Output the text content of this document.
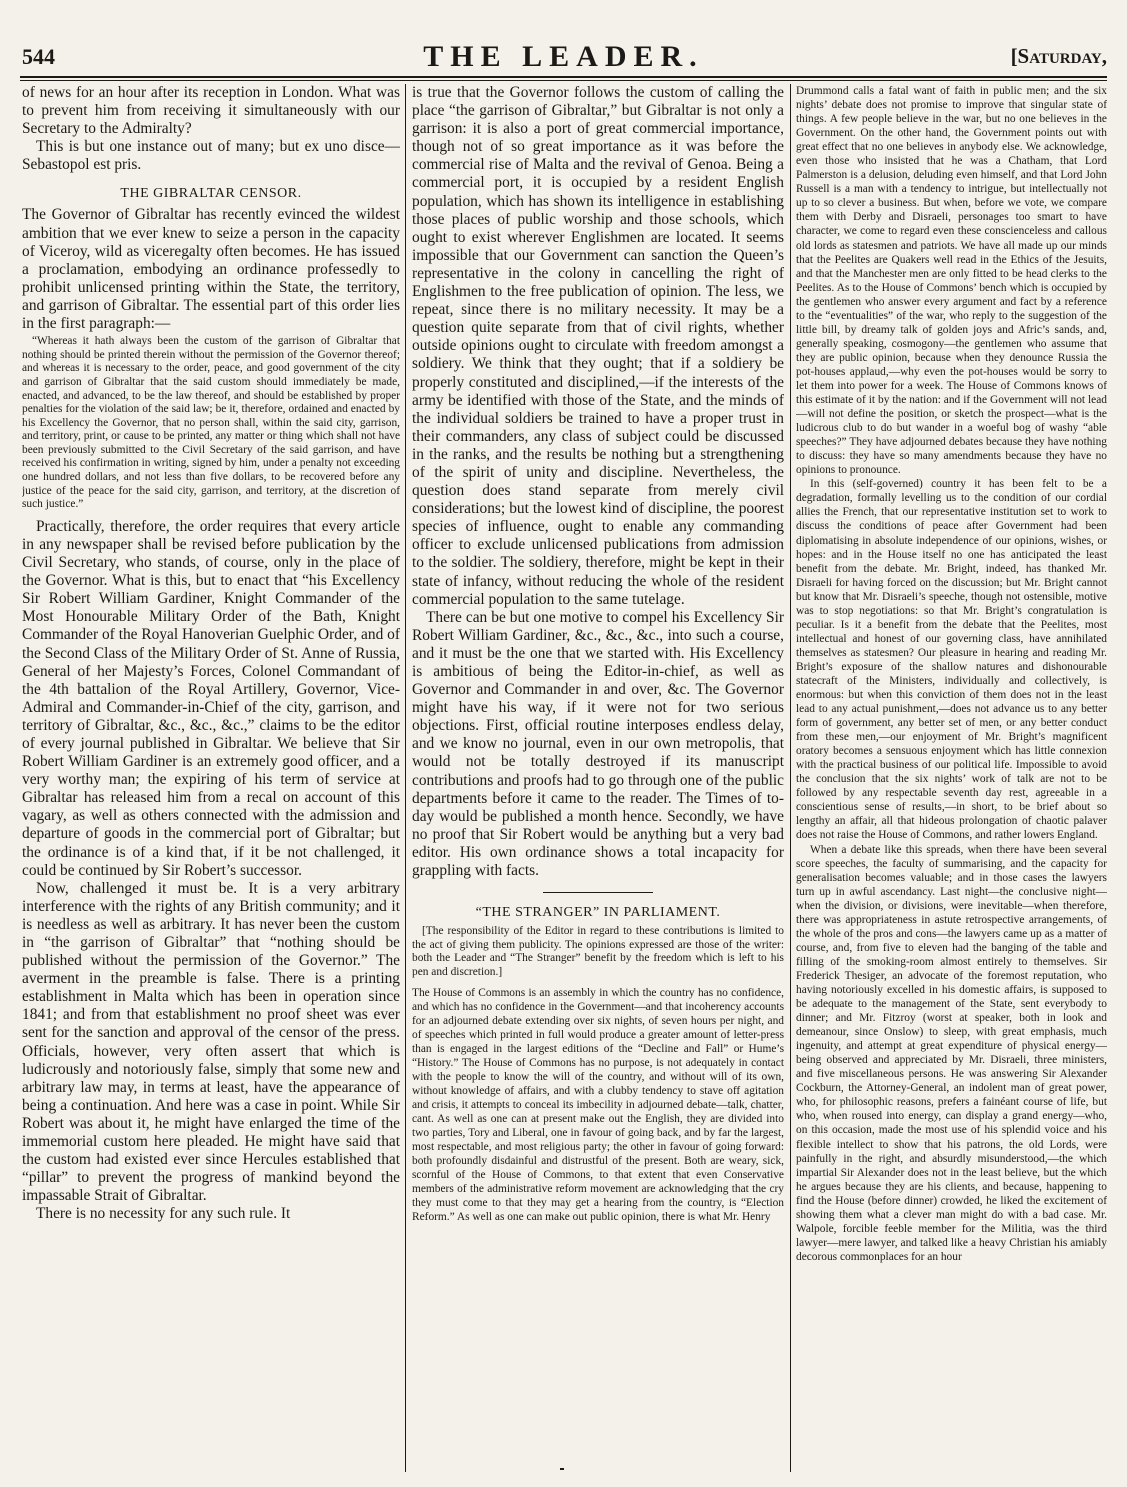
544	THE LEADER.	[Saturday,

of news for an hour after its reception in London. What was to prevent him from receiving it simultaneously with our Secretary to the Admiralty?

This is but one instance out of many; but ex uno disce—Sebastopol est pris.

THE GIBRALTAR CENSOR.

The Governor of Gibraltar has recently evinced the wildest ambition that we ever knew to seize a person in the capacity of Viceroy, wild as viceregalty often becomes. He has issued a proclamation, embodying an ordinance professedly to prohibit unlicensed printing within the State, the territory, and garrison of Gibraltar. The essential part of this order lies in the first paragraph:—

“Whereas it hath always been the custom of the garrison of Gibraltar that nothing should be printed therein without the permission of the Governor thereof; and whereas it is necessary to the order, peace, and good government of the city and garrison of Gibraltar that the said custom should immediately be made, enacted, and advanced, to be the law thereof, and should be established by proper penalties for the violation of the said law; be it, therefore, ordained and enacted by his Excellency the Governor, that no person shall, within the said city, garrison, and territory, print, or cause to be printed, any matter or thing which shall not have been previously submitted to the Civil Secretary of the said garrison, and have received his confirmation in writing, signed by him, under a penalty not exceeding one hundred dollars, and not less than five dollars, to be recovered before any justice of the peace for the said city, garrison, and territory, at the discretion of such justice.”

Practically, therefore, the order requires that every article in any newspaper shall be revised before publication by the Civil Secretary, who stands, of course, only in the place of the Governor. What is this, but to enact that “his Excellency Sir Robert William Gardiner, Knight Commander of the Most Honourable Military Order of the Bath, Knight Commander of the Royal Hanoverian Guelphic Order, and of the Second Class of the Military Order of St. Anne of Russia, General of her Majesty’s Forces, Colonel Commandant of the 4th battalion of the Royal Artillery, Governor, Vice-Admiral and Commander-in-Chief of the city, garrison, and territory of Gibraltar, &c., &c., &c.,” claims to be the editor of every journal published in Gibraltar. We believe that Sir Robert William Gardiner is an extremely good officer, and a very worthy man; the expiring of his term of service at Gibraltar has released him from a recal on account of this vagary, as well as others connected with the admission and departure of goods in the commercial port of Gibraltar; but the ordinance is of a kind that, if it be not challenged, it could be continued by Sir Robert’s successor.

Now, challenged it must be. It is a very arbitrary interference with the rights of any British community; and it is needless as well as arbitrary. It has never been the custom in “the garrison of Gibraltar” that “nothing should be published without the permission of the Governor.” The averment in the preamble is false. There is a printing establishment in Malta which has been in operation since 1841; and from that establishment no proof sheet was ever sent for the sanction and approval of the censor of the press. Officials, however, very often assert that which is ludicrously and notoriously false, simply that some new and arbitrary law may, in terms at least, have the appearance of being a continuation. And here was a case in point. While Sir Robert was about it, he might have enlarged the time of the immemorial custom here pleaded. He might have said that the custom had existed ever since Hercules established that “pillar” to prevent the progress of mankind beyond the impassable Strait of Gibraltar.

There is no necessity for any such rule. It

is true that the Governor follows the custom of calling the place “the garrison of Gibraltar,” but Gibraltar is not only a garrison: it is also a port of great commercial importance, though not of so great importance as it was before the commercial rise of Malta and the revival of Genoa. Being a commercial port, it is occupied by a resident English population, which has shown its intelligence in establishing those places of public worship and those schools, which ought to exist wherever Englishmen are located. It seems impossible that our Government can sanction the Queen’s representative in the colony in cancelling the right of Englishmen to the free publication of opinion. The less, we repeat, since there is no military necessity. It may be a question quite separate from that of civil rights, whether outside opinions ought to circulate with freedom amongst a soldiery. We think that they ought; that if a soldiery be properly constituted and disciplined,—if the interests of the army be identified with those of the State, and the minds of the individual soldiers be trained to have a proper trust in their commanders, any class of subject could be discussed in the ranks, and the results be nothing but a strengthening of the spirit of unity and discipline. Nevertheless, the question does stand separate from merely civil considerations; but the lowest kind of discipline, the poorest species of influence, ought to enable any commanding officer to exclude unlicensed publications from admission to the soldier. The soldiery, therefore, might be kept in their state of infancy, without reducing the whole of the resident commercial population to the same tutelage.

There can be but one motive to compel his Excellency Sir Robert William Gardiner, &c., &c., &c., into such a course, and it must be the one that we started with. His Excellency is ambitious of being the Editor-in-chief, as well as Governor and Commander in and over, &c. The Governor might have his way, if it were not for two serious objections. First, official routine interposes endless delay, and we know no journal, even in our own metropolis, that would not be totally destroyed if its manuscript contributions and proofs had to go through one of the public departments before it came to the reader. The Times of to-day would be published a month hence. Secondly, we have no proof that Sir Robert would be anything but a very bad editor. His own ordinance shows a total incapacity for grappling with facts.

“THE STRANGER” IN PARLIAMENT.

[The responsibility of the Editor in regard to these contributions is limited to the act of giving them publicity. The opinions expressed are those of the writer: both the Leader and “The Stranger” benefit by the freedom which is left to his pen and discretion.]

The House of Commons is an assembly in which the country has no confidence, and which has no confidence in the Government—and that incoherency accounts for an adjourned debate extending over six nights, of seven hours per night, and of speeches which printed in full would produce a greater amount of letter-press than is engaged in the largest editions of the “Decline and Fall” or Hume’s “History.” The House of Commons has no purpose, is not adequately in contact with the people to know the will of the country, and without will of its own, without knowledge of affairs, and with a clubby tendency to stave off agitation and crisis, it attempts to conceal its imbecility in adjourned debate—talk, chatter, cant. As well as one can at present make out the English, they are divided into two parties, Tory and Liberal, one in favour of going back, and by far the largest, most respectable, and most religious party; the other in favour of going forward: both profoundly disdainful and distrustful of the present. Both are weary, sick, scornful of the House of Commons, to that extent that even Conservative members of the administrative reform movement are acknowledging that the cry they must come to that they may get a hearing from the country, is “Election Reform.” As well as one can make out public opinion, there is what Mr. Henry

Drummond calls a fatal want of faith in public men; and the six nights’ debate does not promise to improve that singular state of things. A few people believe in the war, but no one believes in the Government. On the other hand, the Government points out with great effect that no one believes in anybody else. We acknowledge, even those who insisted that he was a Chatham, that Lord Palmerston is a delusion, deluding even himself, and that Lord John Russell is a man with a tendency to intrigue, but intellectually not up to so clever a business. But when, before we vote, we compare them with Derby and Disraeli, personages too smart to have character, we come to regard even these conscienceless and callous old lords as statesmen and patriots. We have all made up our minds that the Peelites are Quakers well read in the Ethics of the Jesuits, and that the Manchester men are only fitted to be head clerks to the Peelites. As to the House of Commons’ bench which is occupied by the gentlemen who answer every argument and fact by a reference to the “eventualities” of the war, who reply to the suggestion of the little bill, by dreamy talk of golden joys and Afric’s sands, and, generally speaking, cosmogony—the gentlemen who assume that they are public opinion, because when they denounce Russia the pot-houses applaud,—why even the pot-houses would be sorry to let them into power for a week. The House of Commons knows of this estimate of it by the nation: and if the Government will not lead—will not define the position, or sketch the prospect—what is the ludicrous club to do but wander in a woeful bog of washy “able speeches?” They have adjourned debates because they have nothing to discuss: they have so many amendments because they have no opinions to pronounce.

In this (self-governed) country it has been felt to be a degradation, formally levelling us to the condition of our cordial allies the French, that our representative institution set to work to discuss the conditions of peace after Government had been diplomatising in absolute independence of our opinions, wishes, or hopes: and in the House itself no one has anticipated the least benefit from the debate. Mr. Bright, indeed, has thanked Mr. Disraeli for having forced on the discussion; but Mr. Bright cannot but know that Mr. Disraeli’s speeche, though not ostensible, motive was to stop negotiations: so that Mr. Bright’s congratulation is peculiar. Is it a benefit from the debate that the Peelites, most intellectual and honest of our governing class, have annihilated themselves as statesmen? Our pleasure in hearing and reading Mr. Bright’s exposure of the shallow natures and dishonourable statecraft of the Ministers, individually and collectively, is enormous: but when this conviction of them does not in the least lead to any actual punishment,—does not advance us to any better form of government, any better set of men, or any better conduct from these men,—our enjoyment of Mr. Bright’s magnificent oratory becomes a sensuous enjoyment which has little connexion with the practical business of our political life. Impossible to avoid the conclusion that the six nights’ work of talk are not to be followed by any respectable seventh day rest, agreeable in a conscientious sense of results,—in short, to be brief about so lengthy an affair, all that hideous prolongation of chaotic palaver does not raise the House of Commons, and rather lowers England.

When a debate like this spreads, when there have been several score speeches, the faculty of summarising, and the capacity for generalisation becomes valuable; and in those cases the lawyers turn up in awful ascendancy. Last night—the conclusive night—when the division, or divisions, were inevitable—when therefore, there was appropriateness in astute retrospective arrangements, of the whole of the pros and cons—the lawyers came up as a matter of course, and, from five to eleven had the banging of the table and filling of the smoking-room almost entirely to themselves. Sir Frederick Thesiger, an advocate of the foremost reputation, who having notoriously excelled in his domestic affairs, is supposed to be adequate to the management of the State, sent everybody to dinner; and Mr. Fitzroy (worst at speaker, both in look and demeanour, since Onslow) to sleep, with great emphasis, much ingenuity, and attempt at great expenditure of physical energy—being observed and appreciated by Mr. Disraeli, three ministers, and five miscellaneous persons. He was answering Sir Alexander Cockburn, the Attorney-General, an indolent man of great power, who, for philosophic reasons, prefers a fainéant course of life, but who, when roused into energy, can display a grand energy—who, on this occasion, made the most use of his splendid voice and his flexible intellect to show that his patrons, the old Lords, were painfully in the right, and absurdly misunderstood,—the which impartial Sir Alexander does not in the least believe, but the which he argues because they are his clients, and because, happening to find the House (before dinner) crowded, he liked the excitement of showing them what a clever man might do with a bad case. Mr. Walpole, forcible feeble member for the Militia, was the third lawyer—mere lawyer, and talked like a heavy Christian his amiably decorous commonplaces for an hour
